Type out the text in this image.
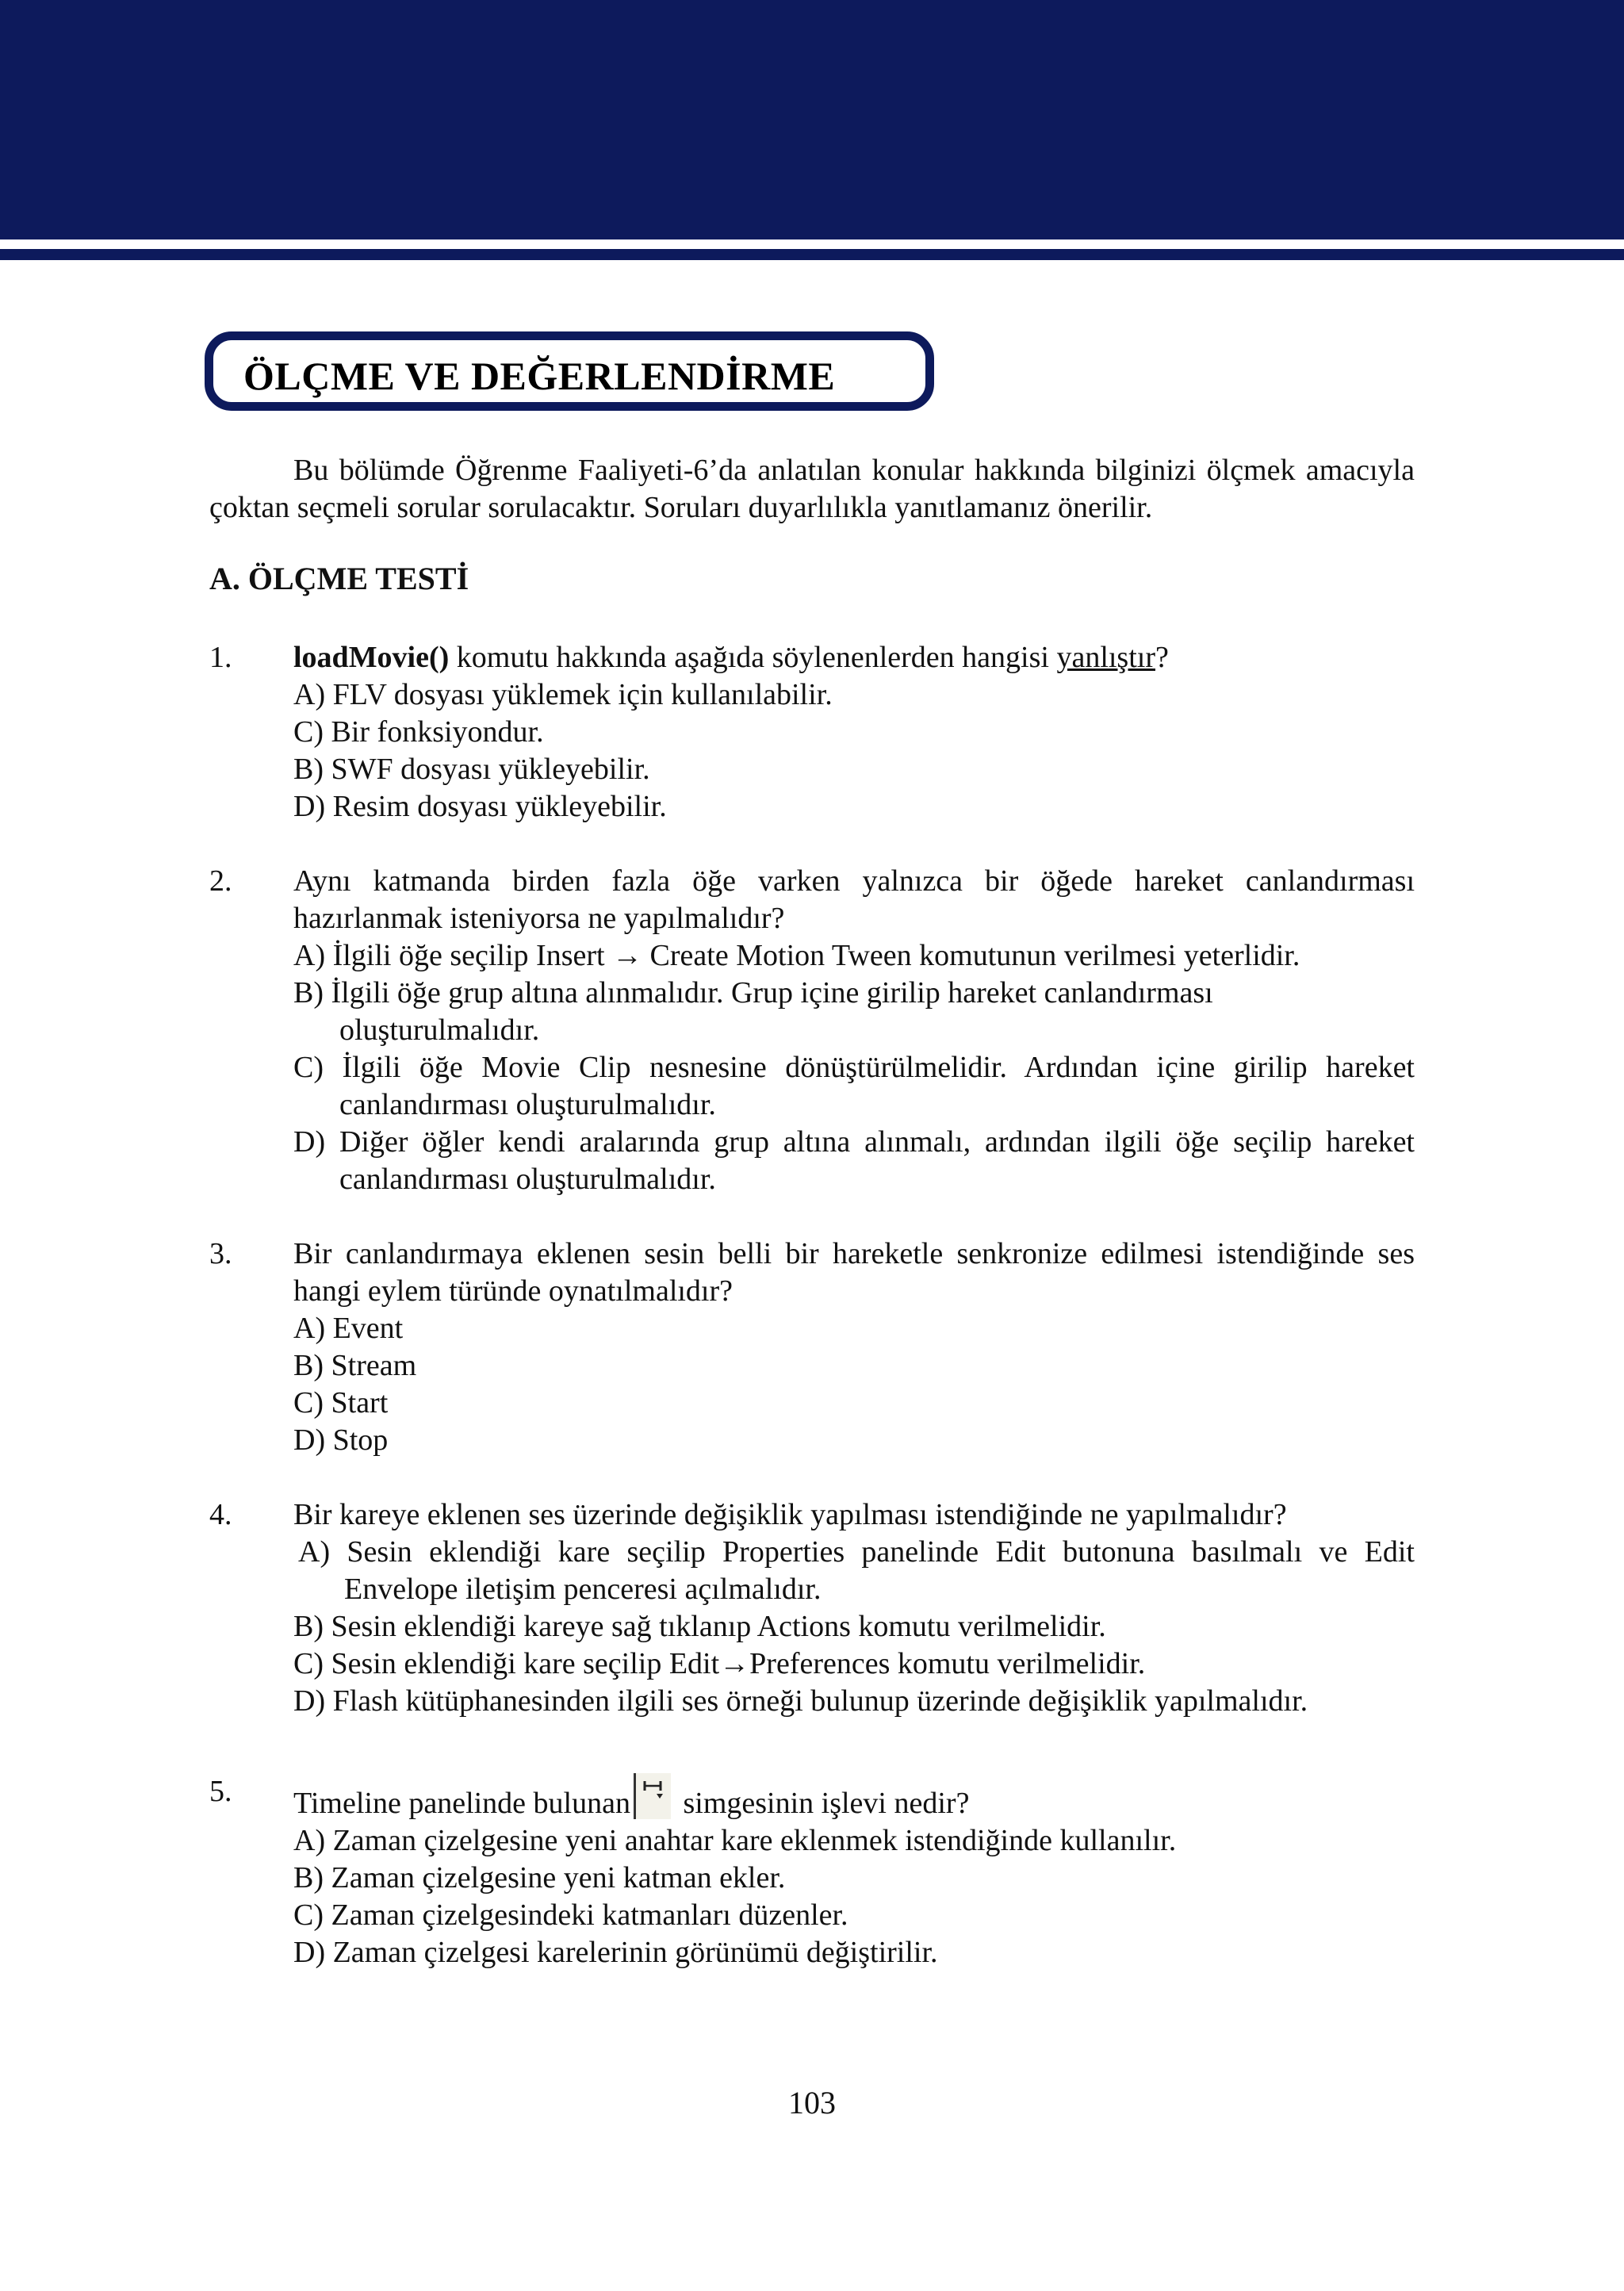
ÖLÇME VE DEĞERLENDİRME

Bu bölümde Öğrenme Faaliyeti-6’da anlatılan konular hakkında bilginizi ölçmek amacıyla çoktan seçmeli sorular sorulacaktır. Soruları duyarlılıkla yanıtlamanız önerilir.

A. ÖLÇME TESTİ
1. loadMovie() komutu hakkında aşağıda söylenenlerden hangisi yanlıştır?
A) FLV dosyası yüklemek için kullanılabilir.
C) Bir fonksiyondur.
B) SWF dosyası yükleyebilir.
D) Resim dosyası yükleyebilir.
2. Aynı katmanda birden fazla öğe varken yalnızca bir öğede hareket canlandırması hazırlanmak isteniyorsa ne yapılmalıdır?
A) İlgili öğe seçilip Insert → Create Motion Tween komutunun verilmesi yeterlidir.
B) İlgili öğe grup altına alınmalıdır. Grup içine girilip hareket canlandırması oluşturulmalıdır.
C) İlgili öğe Movie Clip nesnesine dönüştürülmelidir. Ardından içine girilip hareket canlandırması oluşturulmalıdır.
D) Diğer öğler kendi aralarında grup altına alınmalı, ardından ilgili öğe seçilip hareket canlandırması oluşturulmalıdır.
3. Bir canlandırmaya eklenen sesin belli bir hareketle senkronize edilmesi istendiğinde ses hangi eylem türünde oynatılmalıdır?
A) Event
B) Stream
C) Start
D) Stop
4. Bir kareye eklenen ses üzerinde değişiklik yapılması istendiğinde ne yapılmalıdır?
A) Sesin eklendiği kare seçilip Properties panelinde Edit butonuna basılmalı ve Edit Envelope iletişim penceresi açılmalıdır.
B) Sesin eklendiği kareye sağ tıklanıp Actions komutu verilmelidir.
C) Sesin eklendiği kare seçilip Edit→Preferences komutu verilmelidir.
D) Flash kütüphanesinden ilgili ses örneği bulunup üzerinde değişiklik yapılmalıdır.
5. Timeline panelinde bulunan simgesinin işlevi nedir?
A) Zaman çizelgesine yeni anahtar kare eklenmek istendiğinde kullanılır.
B) Zaman çizelgesine yeni katman ekler.
C) Zaman çizelgesindeki katmanları düzenler.
D) Zaman çizelgesi karelerinin görünümü değiştirilir.
103
